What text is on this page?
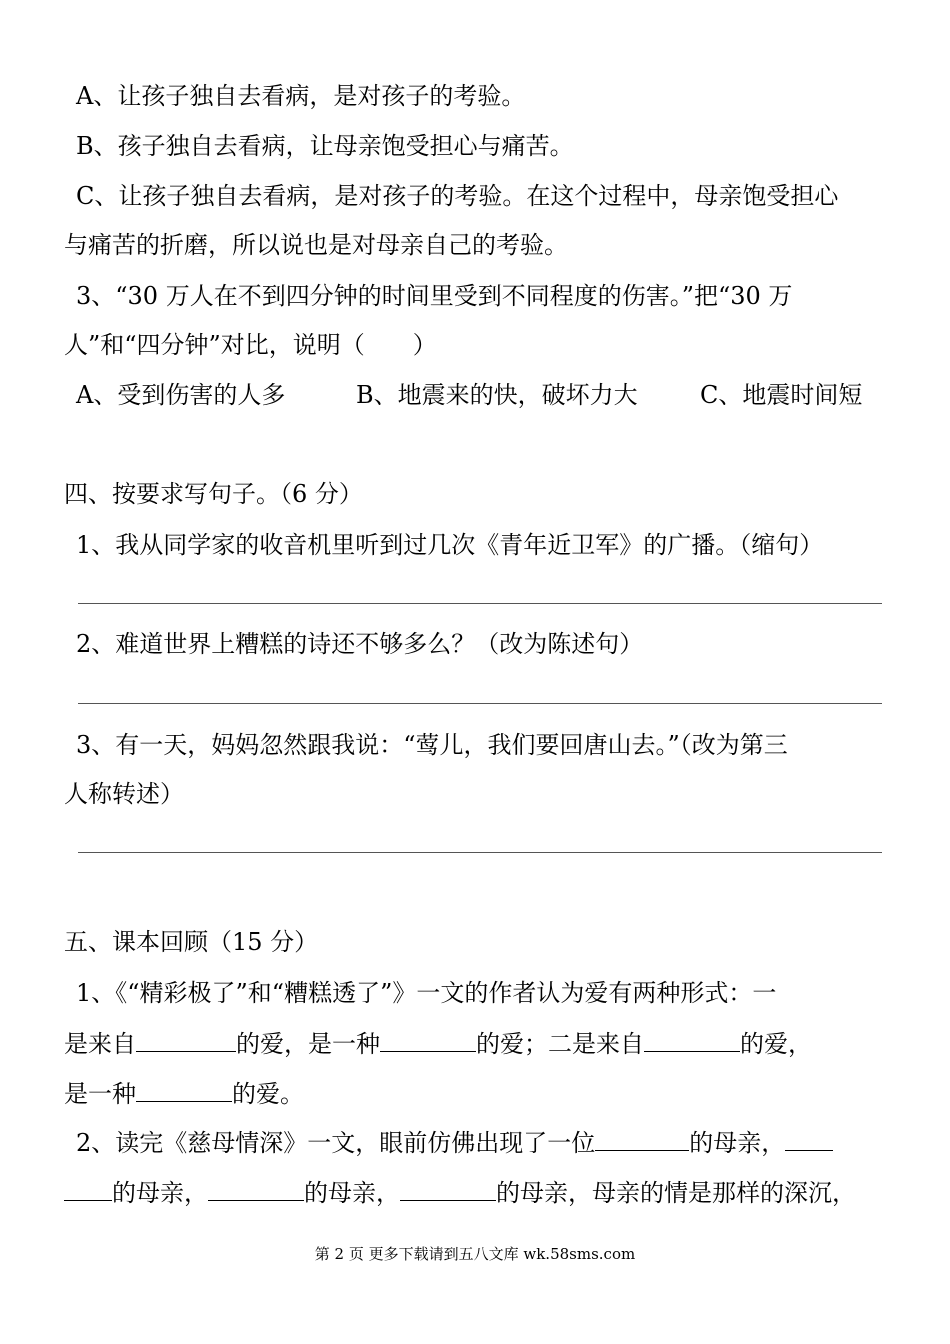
A、让孩子独自去看病，是对孩子的考验。
B、孩子独自去看病，让母亲饱受担心与痛苦。
C、让孩子独自去看病，是对孩子的考验。在这个过程中，母亲饱受担心
与痛苦的折磨，所以说也是对母亲自己的考验。
3、“30 万人在不到四分钟的时间里受到不同程度的伤害。”把“30 万
人”和“四分钟”对比，说明（　　）
A、受到伤害的人多	B、地震来的快，破坏力大	C、地震时间短
四、按要求写句子。（6 分）
1、我从同学家的收音机里听到过几次《青年近卫军》的广播。（缩句）
2、难道世界上糟糕的诗还不够多么？（改为陈述句）
3、有一天，妈妈忽然跟我说：“莺儿，我们要回唐山去。”（改为第三
人称转述）
五、课本回顾（15 分）
1、《“精彩极了”和“糟糕透了”》一文的作者认为爱有两种形式：一
是来自	的爱，是一种	的爱；二是来自	的爱，
是一种	的爱。
2、读完《慈母情深》一文，眼前仿佛出现了一位	的母亲，
的母亲，	的母亲，	的母亲，母亲的情是那样的深沉，
第 2 页 更多下载请到五八文库 wk.58sms.com
